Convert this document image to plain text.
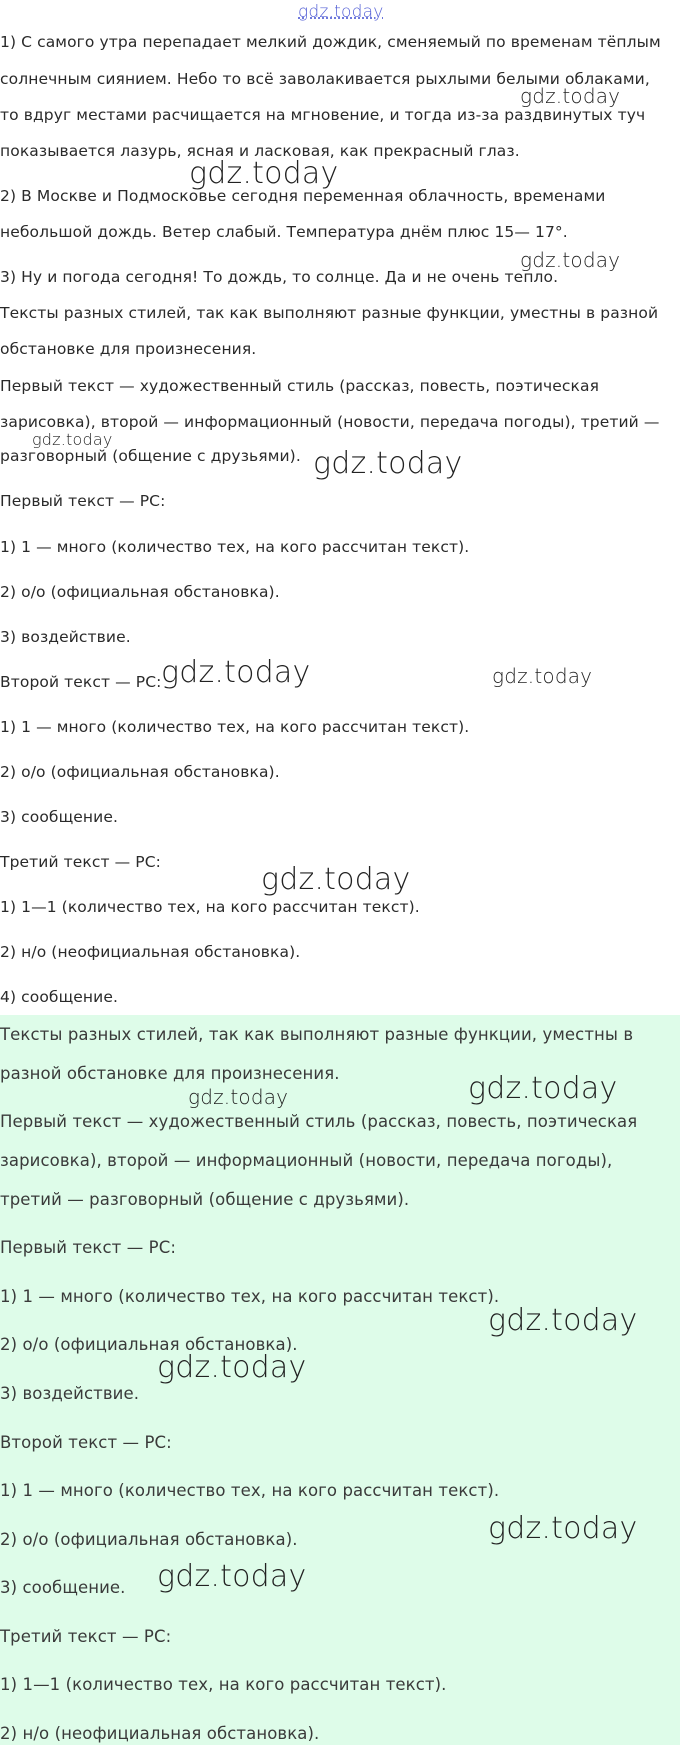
gdz.today

1) С самого утра перепадает мелкий дождик, сменяемый по временам тёплым

солнечным сиянием. Небо то всё заволакивается рыхлыми белыми облаками,

то вдруг местами расчищается на мгновение, и тогда из-за раздвинутых туч

показывается лазурь, ясная и ласковая, как прекрасный глаз.

2) В Москве и Подмосковье сегодня переменная облачность, временами

небольшой дождь. Ветер слабый. Температура днём плюс 15— 17°.

3) Ну и погода сегодня! То дождь, то солнце. Да и не очень тепло.

Тексты разных стилей, так как выполняют разные функции, уместны в разной

обстановке для произнесения.

Первый текст — художественный стиль (рассказ, повесть, поэтическая

зарисовка), второй — информационный (новости, передача погоды), третий —

разговорный (общение с друзьями).

Первый текст — РС:

1) 1 — много (количество тех, на кого рассчитан текст).

2) о/о (официальная обстановка).

3) воздействие.

Второй текст — РС:

1) 1 — много (количество тех, на кого рассчитан текст).

2) о/о (официальная обстановка).

3) сообщение.

Третий текст — РС:

1) 1—1 (количество тех, на кого рассчитан текст).

2) н/о (неофициальная обстановка).

4) сообщение.

gdz.today

gdz.today

gdz.today

gdz.today

gdz.today

gdz.today	gdz.today

gdz.today

Тексты разных стилей, так как выполняют разные функции, уместны в

разной обстановке для произнесения.

Первый текст — художественный стиль (рассказ, повесть, поэтическая

зарисовка), второй — информационный (новости, передача погоды),

третий — разговорный (общение с друзьями).

Первый текст — РС:

1) 1 — много (количество тех, на кого рассчитан текст).

2) о/о (официальная обстановка).

3) воздействие.

Второй текст — РС:

1) 1 — много (количество тех, на кого рассчитан текст).

2) о/о (официальная обстановка).

3) сообщение.

Третий текст — РС:

1) 1—1 (количество тех, на кого рассчитан текст).

2) н/о (неофициальная обстановка).

gdz.today

gdz.today

gdz.today

gdz.today

gdz.today

gdz.today
